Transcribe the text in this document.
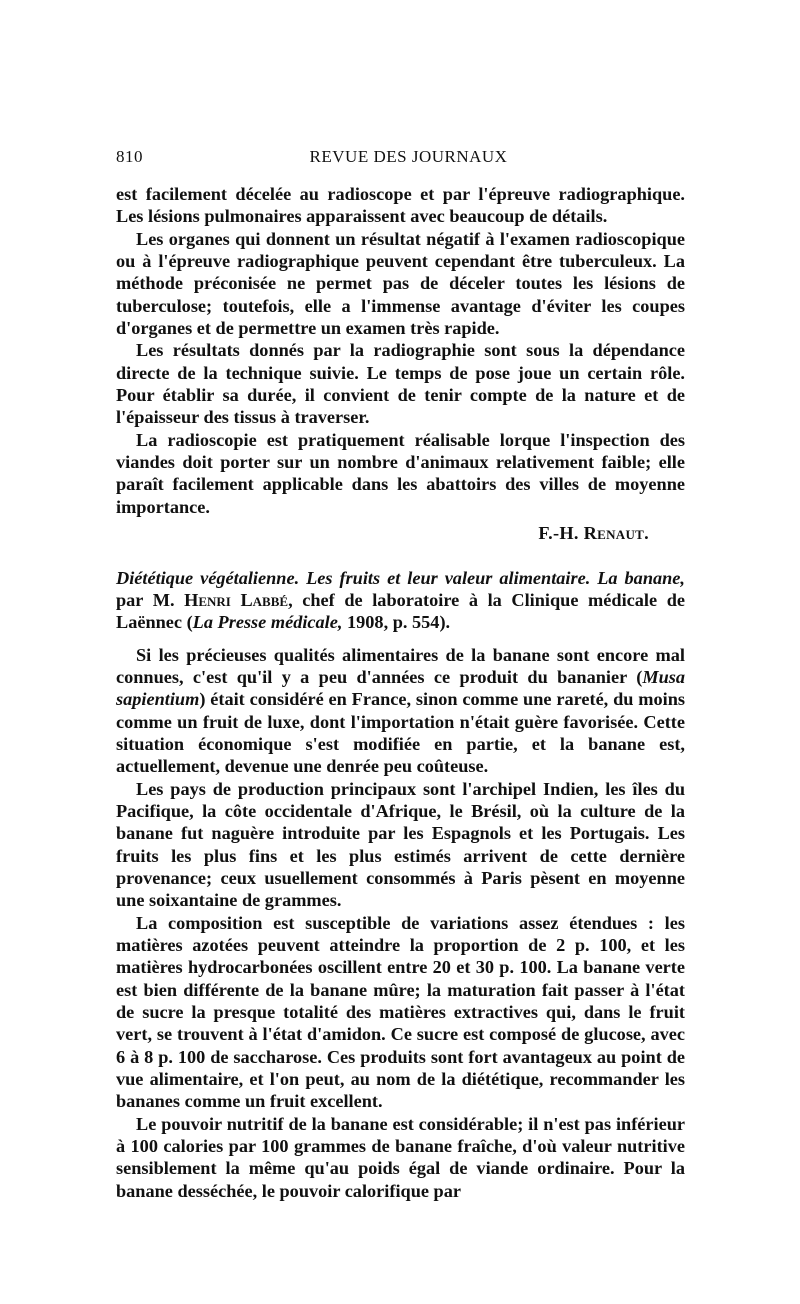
810	REVUE DES JOURNAUX

est facilement décelée au radioscope et par l'épreuve radiographique. Les lésions pulmonaires apparaissent avec beaucoup de détails.

Les organes qui donnent un résultat négatif à l'examen radioscopique ou à l'épreuve radiographique peuvent cependant être tuberculeux. La méthode préconisée ne permet pas de déceler toutes les lésions de tuberculose; toutefois, elle a l'immense avantage d'éviter les coupes d'organes et de permettre un examen très rapide.

Les résultats donnés par la radiographie sont sous la dépendance directe de la technique suivie. Le temps de pose joue un certain rôle. Pour établir sa durée, il convient de tenir compte de la nature et de l'épaisseur des tissus à traverser.

La radioscopie est pratiquement réalisable lorque l'inspection des viandes doit porter sur un nombre d'animaux relativement faible; elle paraît facilement applicable dans les abattoirs des villes de moyenne importance.

F.-H. Renaut.
Diététique végétalienne. Les fruits et leur valeur alimentaire. La banane, par M. Henri Labbé, chef de laboratoire à la Clinique médicale de Laënnec (La Presse médicale, 1908, p. 554).

Si les précieuses qualités alimentaires de la banane sont encore mal connues, c'est qu'il y a peu d'années ce produit du bananier (Musa sapientium) était considéré en France, sinon comme une rareté, du moins comme un fruit de luxe, dont l'importation n'était guère favorisée. Cette situation économique s'est modifiée en partie, et la banane est, actuellement, devenue une denrée peu coûteuse.

Les pays de production principaux sont l'archipel Indien, les îles du Pacifique, la côte occidentale d'Afrique, le Brésil, où la culture de la banane fut naguère introduite par les Espagnols et les Portugais. Les fruits les plus fins et les plus estimés arrivent de cette dernière provenance; ceux usuellement consommés à Paris pèsent en moyenne une soixantaine de grammes.

La composition est susceptible de variations assez étendues : les matières azotées peuvent atteindre la proportion de 2 p. 100, et les matières hydrocarbonées oscillent entre 20 et 30 p. 100. La banane verte est bien différente de la banane mûre; la maturation fait passer à l'état de sucre la presque totalité des matières extractives qui, dans le fruit vert, se trouvent à l'état d'amidon. Ce sucre est composé de glucose, avec 6 à 8 p. 100 de saccharose. Ces produits sont fort avantageux au point de vue alimentaire, et l'on peut, au nom de la diététique, recommander les bananes comme un fruit excellent.

Le pouvoir nutritif de la banane est considérable; il n'est pas inférieur à 100 calories par 100 grammes de banane fraîche, d'où valeur nutritive sensiblement la même qu'au poids égal de viande ordinaire. Pour la banane desséchée, le pouvoir calorifique par
